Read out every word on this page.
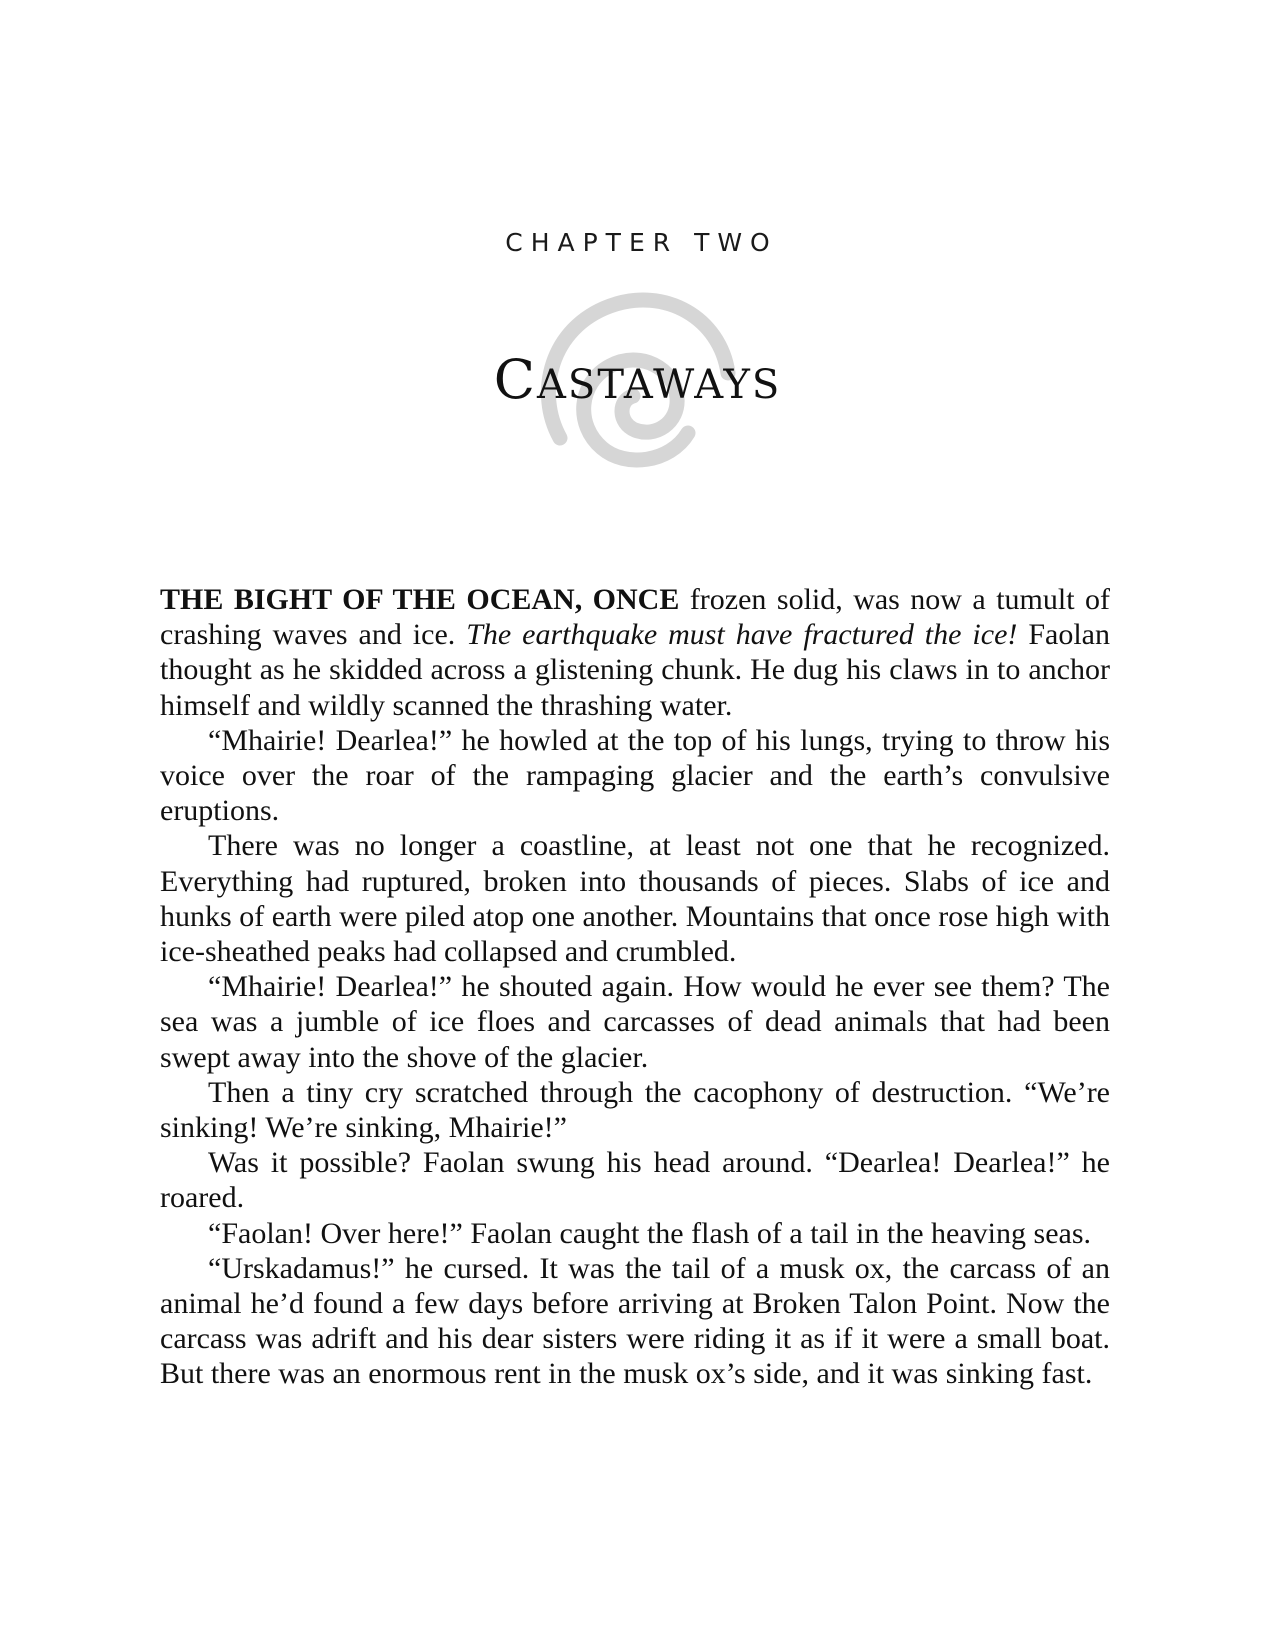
CHAPTER TWO
CASTAWAYS

THE BIGHT OF THE OCEAN, ONCE frozen solid, was now a tumult of crashing waves and ice. The earthquake must have fractured the ice! Faolan thought as he skidded across a glistening chunk. He dug his claws in to anchor himself and wildly scanned the thrashing water.

“Mhairie! Dearlea!” he howled at the top of his lungs, trying to throw his voice over the roar of the rampaging glacier and the earth’s convulsive eruptions.

There was no longer a coastline, at least not one that he recognized. Everything had ruptured, broken into thousands of pieces. Slabs of ice and hunks of earth were piled atop one another. Mountains that once rose high with ice-sheathed peaks had collapsed and crumbled.

“Mhairie! Dearlea!” he shouted again. How would he ever see them? The sea was a jumble of ice floes and carcasses of dead animals that had been swept away into the shove of the glacier.

Then a tiny cry scratched through the cacophony of destruction. “We’re sinking! We’re sinking, Mhairie!”

Was it possible? Faolan swung his head around. “Dearlea! Dearlea!” he roared.

“Faolan! Over here!” Faolan caught the flash of a tail in the heaving seas.

“Urskadamus!” he cursed. It was the tail of a musk ox, the carcass of an animal he’d found a few days before arriving at Broken Talon Point. Now the carcass was adrift and his dear sisters were riding it as if it were a small boat. But there was an enormous rent in the musk ox’s side, and it was sinking fast.
